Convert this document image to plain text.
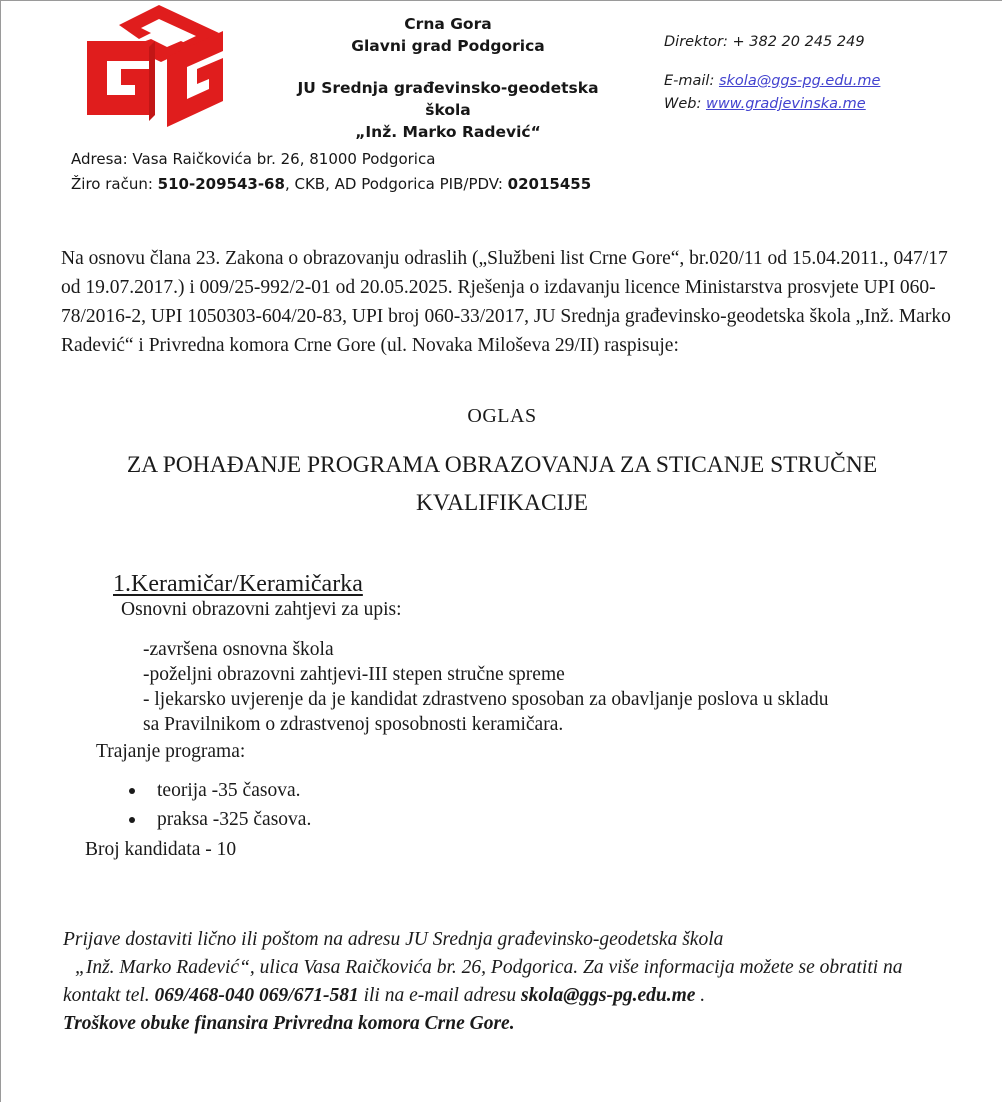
Crna Gora
Glavni grad Podgorica
JU Srednja građevinsko-geodetska škola
„Inž. Marko Radević“
Direktor: + 382 20 245 249
E-mail: skola@ggs-pg.edu.me
Web: www.gradjevinska.me
Adresa: Vasa Raičkovića br. 26, 81000 Podgorica
Žiro račun: 510-209543-68, CKB, AD Podgorica PIB/PDV: 02015455
Na osnovu člana 23. Zakona o obrazovanju odraslih („Službeni list Crne Gore“, br.020/11 od 15.04.2011., 047/17 od 19.07.2017.) i 009/25-992/2-01 od 20.05.2025. Rješenja o izdavanju licence Ministarstva prosvjete UPI 060-78/2016-2, UPI 1050303-604/20-83, UPI broj 060-33/2017, JU Srednja građevinsko-geodetska škola „Inž. Marko Radević“ i Privredna komora Crne Gore (ul. Novaka Miloševa 29/II) raspisuje:
OGLAS
ZA POHAĐANJE PROGRAMA OBRAZOVANJA ZA STICANJE STRUČNE KVALIFIKACIJE
1.Keramičar/Keramičarka
Osnovni obrazovni zahtjevi za upis:
-završena osnovna škola
-poželjni obrazovni zahtjevi-III stepen stručne spreme
- ljekarsko uvjerenje da je kandidat zdrastveno sposoban za obavljanje poslova u skladu
sa Pravilnikom o zdrastvenoj sposobnosti keramičara.
Trajanje programa:
teorija -35 časova.
praksa -325 časova.
Broj kandidata - 10
Prijave dostaviti lično ili poštom na adresu JU Srednja građevinsko-geodetska škola
„Inž. Marko Radević“, ulica Vasa Raičkovića br. 26, Podgorica. Za više informacija možete se obratiti na
kontakt tel. 069/468-040 069/671-581 ili na e-mail adresu skola@ggs-pg.edu.me .
Troškove obuke finansira Privredna komora Crne Gore.
